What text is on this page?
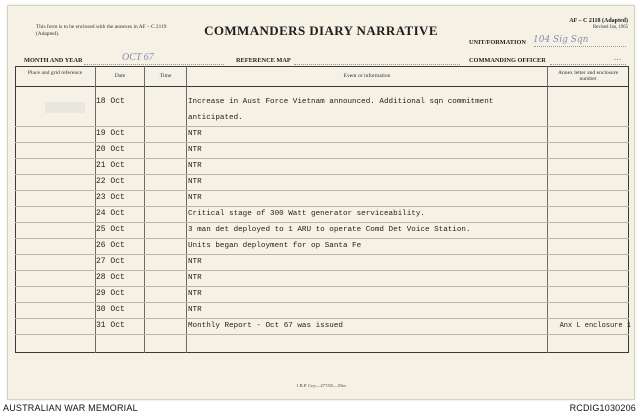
This form is to be enclosed with the annexes in AF – C 2119 (Adapted).	COMMANDERS DIARY NARRATIVE
AF – C 2118 (Adapted)
Revised Jan, 1965
UNIT/FORMATION 104 Sig Sqn
MONTH AND YEAR	OCT 67	REFERENCE MAP	COMMANDING OFFICER	...
Place and grid reference	Date	Time	Event or information	Annex letter and enclosure number
18 Oct	Increase in Aust Force Vietnam announced. Additional sqn commitment
anticipated.
19 Oct	NTR
20 Oct	NTR
21 Oct	NTR
22 Oct	NTR
23 Oct	NTR
24 Oct	Critical stage of 300 Watt generator serviceability.
25 Oct	3 man det deployed to 1 ARU to operate Comd Det Voice Station.
26 Oct	Units began deployment for op Santa Fe
27 Oct	NTR
28 Oct	NTR
29 Oct	NTR
30 Oct	NTR
31 Oct	Monthly Report - Oct 67 was issued	Anx L enclosure 1
1 B.P. Coy—277/65—55m
AUSTRALIAN WAR MEMORIAL	RCDIG1030206
